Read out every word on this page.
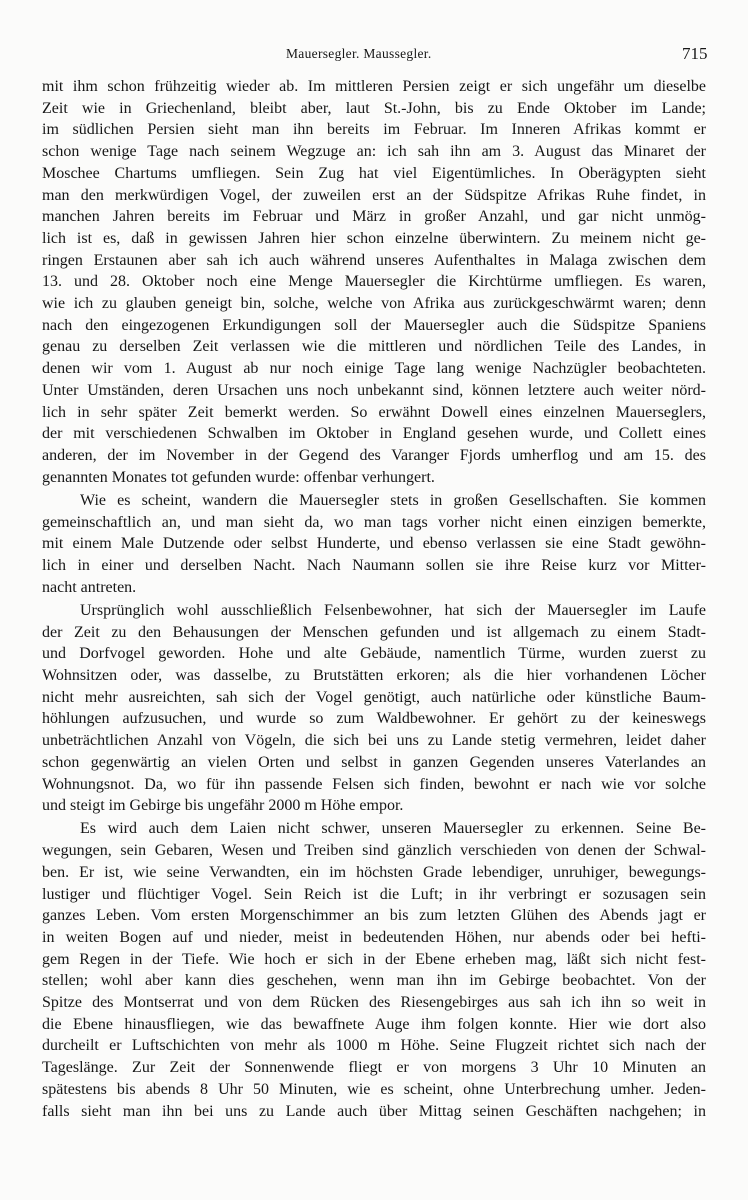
Mauersegler. Maussegler.	715
mit ihm schon frühzeitig wieder ab. Im mittleren Persien zeigt er sich ungefähr um dieselbe
Zeit wie in Griechenland, bleibt aber, laut St.-John, bis zu Ende Oktober im Lande;
im südlichen Persien sieht man ihn bereits im Februar. Im Inneren Afrikas kommt er
schon wenige Tage nach seinem Wegzuge an: ich sah ihn am 3. August das Minaret der
Moschee Chartums umfliegen. Sein Zug hat viel Eigentümliches. In Oberägypten sieht
man den merkwürdigen Vogel, der zuweilen erst an der Südspitze Afrikas Ruhe findet, in
manchen Jahren bereits im Februar und März in großer Anzahl, und gar nicht unmög-
lich ist es, daß in gewissen Jahren hier schon einzelne überwintern. Zu meinem nicht ge-
ringen Erstaunen aber sah ich auch während unseres Aufenthaltes in Malaga zwischen dem
13. und 28. Oktober noch eine Menge Mauersegler die Kirchtürme umfliegen. Es waren,
wie ich zu glauben geneigt bin, solche, welche von Afrika aus zurückgeschwärmt waren; denn
nach den eingezogenen Erkundigungen soll der Mauersegler auch die Südspitze Spaniens
genau zu derselben Zeit verlassen wie die mittleren und nördlichen Teile des Landes, in
denen wir vom 1. August ab nur noch einige Tage lang wenige Nachzügler beobachteten.
Unter Umständen, deren Ursachen uns noch unbekannt sind, können letztere auch weiter nörd-
lich in sehr später Zeit bemerkt werden. So erwähnt Dowell eines einzelnen Mauerseglers,
der mit verschiedenen Schwalben im Oktober in England gesehen wurde, und Collett eines
anderen, der im November in der Gegend des Varanger Fjords umherflog und am 15. des
genannten Monates tot gefunden wurde: offenbar verhungert.
Wie es scheint, wandern die Mauersegler stets in großen Gesellschaften. Sie kommen
gemeinschaftlich an, und man sieht da, wo man tags vorher nicht einen einzigen bemerkte,
mit einem Male Dutzende oder selbst Hunderte, und ebenso verlassen sie eine Stadt gewöhn-
lich in einer und derselben Nacht. Nach Naumann sollen sie ihre Reise kurz vor Mitter-
nacht antreten.
Ursprünglich wohl ausschließlich Felsenbewohner, hat sich der Mauersegler im Laufe
der Zeit zu den Behausungen der Menschen gefunden und ist allgemach zu einem Stadt-
und Dorfvogel geworden. Hohe und alte Gebäude, namentlich Türme, wurden zuerst zu
Wohnsitzen oder, was dasselbe, zu Brutstätten erkoren; als die hier vorhandenen Löcher
nicht mehr ausreichten, sah sich der Vogel genötigt, auch natürliche oder künstliche Baum-
höhlungen aufzusuchen, und wurde so zum Waldbewohner. Er gehört zu der keineswegs
unbeträchtlichen Anzahl von Vögeln, die sich bei uns zu Lande stetig vermehren, leidet daher
schon gegenwärtig an vielen Orten und selbst in ganzen Gegenden unseres Vaterlandes an
Wohnungsnot. Da, wo für ihn passende Felsen sich finden, bewohnt er nach wie vor solche
und steigt im Gebirge bis ungefähr 2000 m Höhe empor.
Es wird auch dem Laien nicht schwer, unseren Mauersegler zu erkennen. Seine Be-
wegungen, sein Gebaren, Wesen und Treiben sind gänzlich verschieden von denen der Schwal-
ben. Er ist, wie seine Verwandten, ein im höchsten Grade lebendiger, unruhiger, bewegungs-
lustiger und flüchtiger Vogel. Sein Reich ist die Luft; in ihr verbringt er sozusagen sein
ganzes Leben. Vom ersten Morgenschimmer an bis zum letzten Glühen des Abends jagt er
in weiten Bogen auf und nieder, meist in bedeutenden Höhen, nur abends oder bei hefti-
gem Regen in der Tiefe. Wie hoch er sich in der Ebene erheben mag, läßt sich nicht fest-
stellen; wohl aber kann dies geschehen, wenn man ihn im Gebirge beobachtet. Von der
Spitze des Montserrat und von dem Rücken des Riesengebirges aus sah ich ihn so weit in
die Ebene hinausfliegen, wie das bewaffnete Auge ihm folgen konnte. Hier wie dort also
durcheilt er Luftschichten von mehr als 1000 m Höhe. Seine Flugzeit richtet sich nach der
Tageslänge. Zur Zeit der Sonnenwende fliegt er von morgens 3 Uhr 10 Minuten an
spätestens bis abends 8 Uhr 50 Minuten, wie es scheint, ohne Unterbrechung umher. Jeden-
falls sieht man ihn bei uns zu Lande auch über Mittag seinen Geschäften nachgehen; in
